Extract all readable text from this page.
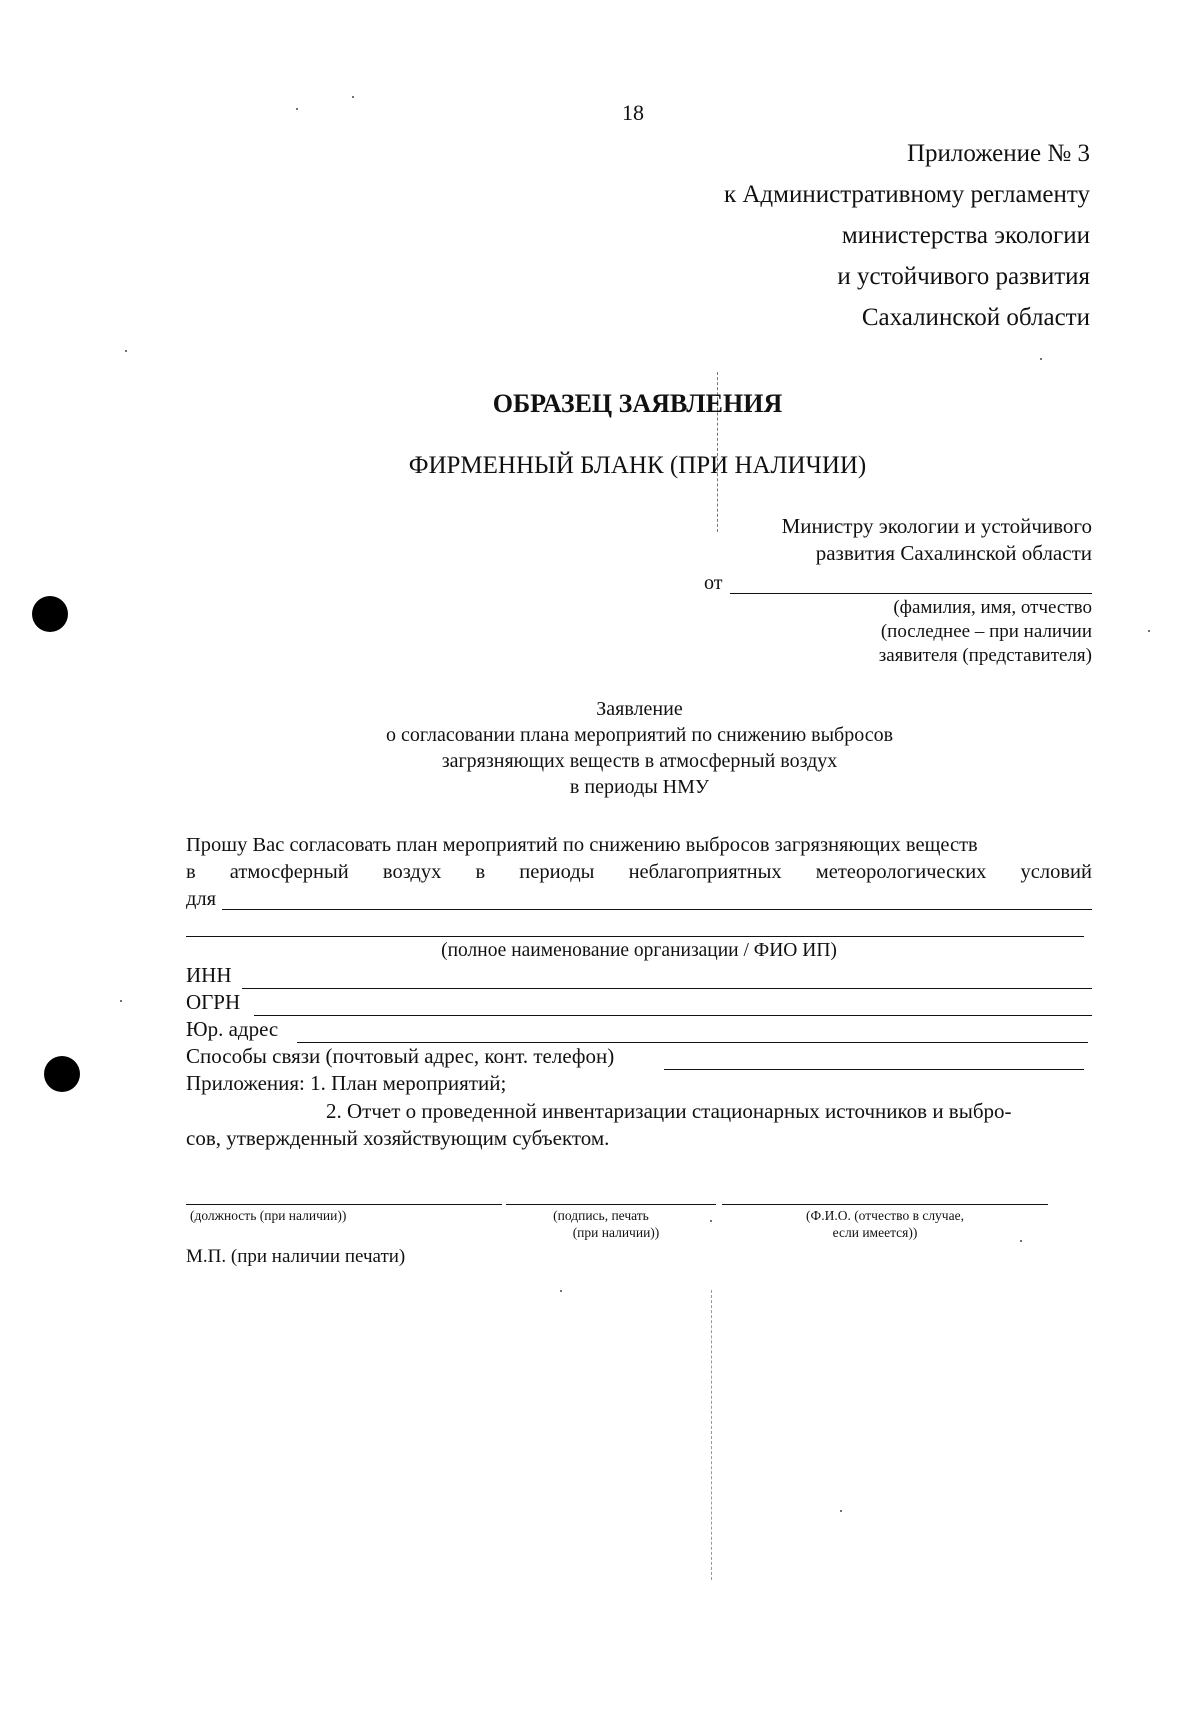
18
Приложение № 3
к Административному регламенту
министерства экологии
и устойчивого развития
Сахалинской области
ОБРАЗЕЦ ЗАЯВЛЕНИЯ
ФИРМЕННЫЙ БЛАНК (ПРИ НАЛИЧИИ)
Министру экологии и устойчивого
развития Сахалинской области
от
(фамилия, имя, отчество
(последнее – при наличии
заявителя (представителя)
Заявление
о согласовании плана мероприятий по снижению выбросов
загрязняющих веществ в атмосферный воздух
в периоды НМУ
Прошу Вас согласовать план мероприятий по снижению выбросов загрязняющих веществ
в атмосферный воздух в периоды неблагоприятных метеорологических условий
для
(полное наименование организации / ФИО ИП)
ИНН
ОГРН
Юр. адрес
Способы связи (почтовый адрес, конт. телефон)
Приложения: 1. План мероприятий;
2. Отчет о проведенной инвентаризации стационарных источников и выбро-
сов, утвержденный хозяйствующим субъектом.
(должность (при наличии))	(подпись, печать
(при наличии))
(Ф.И.О. (отчество в случае,
если имеется))
М.П. (при наличии печати)
